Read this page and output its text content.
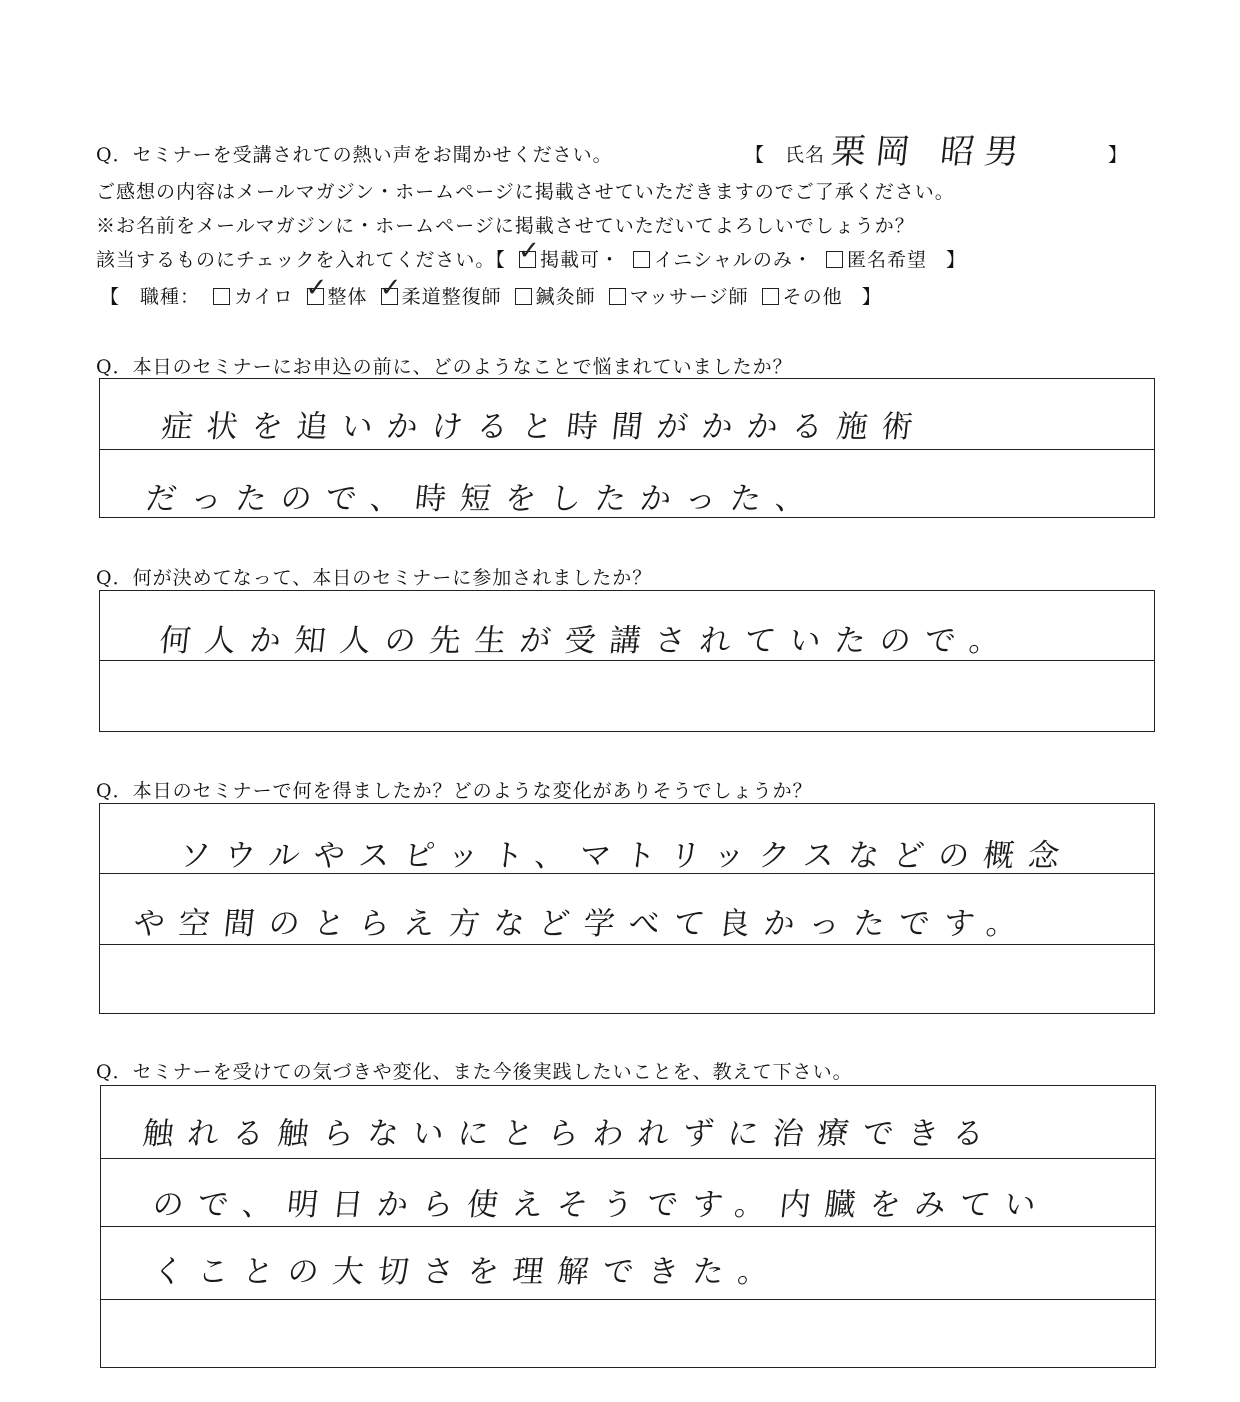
Q．セミナーを受講されての熱い声をお聞かせください。	【　氏名 栗岡 昭男	】
ご感想の内容はメールマガジン・ホームページに掲載させていただきますのでご了承ください。
※お名前をメールマガジンに・ホームページに掲載させていただいてよろしいでしょうか？
該当するものにチェックを入れてください。【 ✓ 掲載可・ イニシャルのみ・ 匿名希望 】
【　職種： カイロ ✓ 整体 ✓ 柔道整復師 鍼灸師 マッサージ師 その他 】
Q．本日のセミナーにお申込の前に、どのようなことで悩まれていましたか？
症状を追いかけると時間がかかる施術
だったので、時短をしたかった、
Q．何が決めてなって、本日のセミナーに参加されましたか？
何人か知人の先生が受講されていたので。
Q．本日のセミナーで何を得ましたか？どのような変化がありそうでしょうか？
ソウルやスピット、マトリックスなどの概念
や空間のとらえ方など学べて良かったです。
Q．セミナーを受けての気づきや変化、また今後実践したいことを、教えて下さい。
触れる触らないにとらわれずに治療できる
ので、明日から使えそうです。内臓をみてい
くことの大切さを理解できた。
